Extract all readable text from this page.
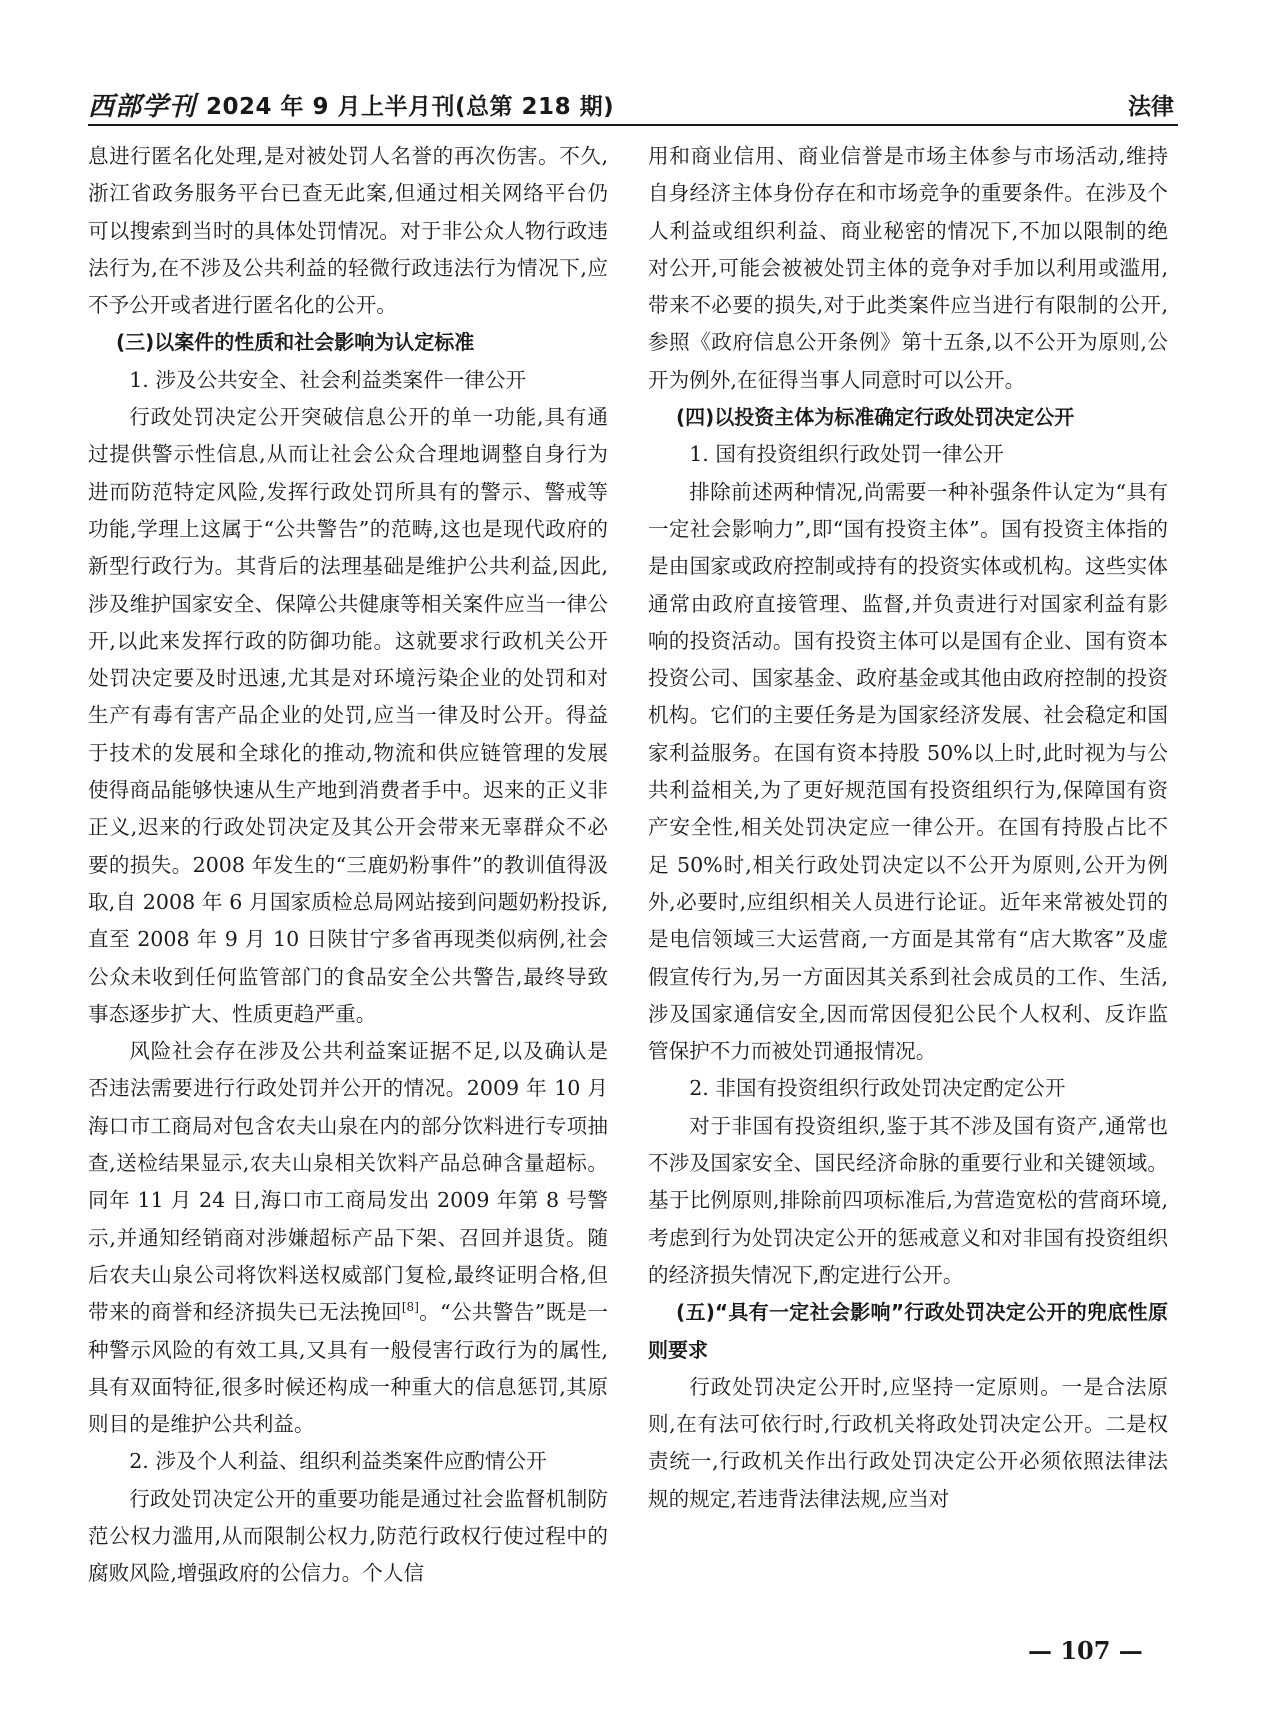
西部学刊 2024 年 9 月上半月刊(总第 218 期)	法律

息进行匿名化处理,是对被处罚人名誉的再次伤害。不久,浙江省政务服务平台已查无此案,但通过相关网络平台仍可以搜索到当时的具体处罚情况。对于非公众人物行政违法行为,在不涉及公共利益的轻微行政违法行为情况下,应不予公开或者进行匿名化的公开。

(三)以案件的性质和社会影响为认定标准
1. 涉及公共安全、社会利益类案件一律公开

行政处罚决定公开突破信息公开的单一功能,具有通过提供警示性信息,从而让社会公众合理地调整自身行为进而防范特定风险,发挥行政处罚所具有的警示、警戒等功能,学理上这属于“公共警告”的范畴,这也是现代政府的新型行政行为。其背后的法理基础是维护公共利益,因此,涉及维护国家安全、保障公共健康等相关案件应当一律公开,以此来发挥行政的防御功能。这就要求行政机关公开处罚决定要及时迅速,尤其是对环境污染企业的处罚和对生产有毒有害产品企业的处罚,应当一律及时公开。得益于技术的发展和全球化的推动,物流和供应链管理的发展使得商品能够快速从生产地到消费者手中。迟来的正义非正义,迟来的行政处罚决定及其公开会带来无辜群众不必要的损失。2008 年发生的“三鹿奶粉事件”的教训值得汲取,自 2008 年 6 月国家质检总局网站接到问题奶粉投诉,直至 2008 年 9 月 10 日陕甘宁多省再现类似病例,社会公众未收到任何监管部门的食品安全公共警告,最终导致事态逐步扩大、性质更趋严重。

风险社会存在涉及公共利益案证据不足,以及确认是否违法需要进行行政处罚并公开的情况。2009 年 10 月海口市工商局对包含农夫山泉在内的部分饮料进行专项抽查,送检结果显示,农夫山泉相关饮料产品总砷含量超标。同年 11 月 24 日,海口市工商局发出 2009 年第 8 号警示,并通知经销商对涉嫌超标产品下架、召回并退货。随后农夫山泉公司将饮料送权威部门复检,最终证明合格,但带来的商誉和经济损失已无法挽回[8]。“公共警告”既是一种警示风险的有效工具,又具有一般侵害行政行为的属性,具有双面特征,很多时候还构成一种重大的信息惩罚,其原则目的是维护公共利益。

2. 涉及个人利益、组织利益类案件应酌情公开

行政处罚决定公开的重要功能是通过社会监督机制防范公权力滥用,从而限制公权力,防范行政权行使过程中的腐败风险,增强政府的公信力。个人信

用和商业信用、商业信誉是市场主体参与市场活动,维持自身经济主体身份存在和市场竞争的重要条件。在涉及个人利益或组织利益、商业秘密的情况下,不加以限制的绝对公开,可能会被被处罚主体的竞争对手加以利用或滥用,带来不必要的损失,对于此类案件应当进行有限制的公开,参照《政府信息公开条例》第十五条,以不公开为原则,公开为例外,在征得当事人同意时可以公开。

(四)以投资主体为标准确定行政处罚决定公开
1. 国有投资组织行政处罚一律公开

排除前述两种情况,尚需要一种补强条件认定为“具有一定社会影响力”,即“国有投资主体”。国有投资主体指的是由国家或政府控制或持有的投资实体或机构。这些实体通常由政府直接管理、监督,并负责进行对国家利益有影响的投资活动。国有投资主体可以是国有企业、国有资本投资公司、国家基金、政府基金或其他由政府控制的投资机构。它们的主要任务是为国家经济发展、社会稳定和国家利益服务。在国有资本持股 50%以上时,此时视为与公共利益相关,为了更好规范国有投资组织行为,保障国有资产安全性,相关处罚决定应一律公开。在国有持股占比不足 50%时,相关行政处罚决定以不公开为原则,公开为例外,必要时,应组织相关人员进行论证。近年来常被处罚的是电信领域三大运营商,一方面是其常有“店大欺客”及虚假宣传行为,另一方面因其关系到社会成员的工作、生活,涉及国家通信安全,因而常因侵犯公民个人权利、反诈监管保护不力而被处罚通报情况。

2. 非国有投资组织行政处罚决定酌定公开

对于非国有投资组织,鉴于其不涉及国有资产,通常也不涉及国家安全、国民经济命脉的重要行业和关键领域。基于比例原则,排除前四项标准后,为营造宽松的营商环境,考虑到行为处罚决定公开的惩戒意义和对非国有投资组织的经济损失情况下,酌定进行公开。

(五)“具有一定社会影响”行政处罚决定公开的兜底性原则要求

行政处罚决定公开时,应坚持一定原则。一是合法原则,在有法可依行时,行政机关将政处罚决定公开。二是权责统一,行政机关作出行政处罚决定公开必须依照法律法规的规定,若违背法律法规,应当对

— 107 —
